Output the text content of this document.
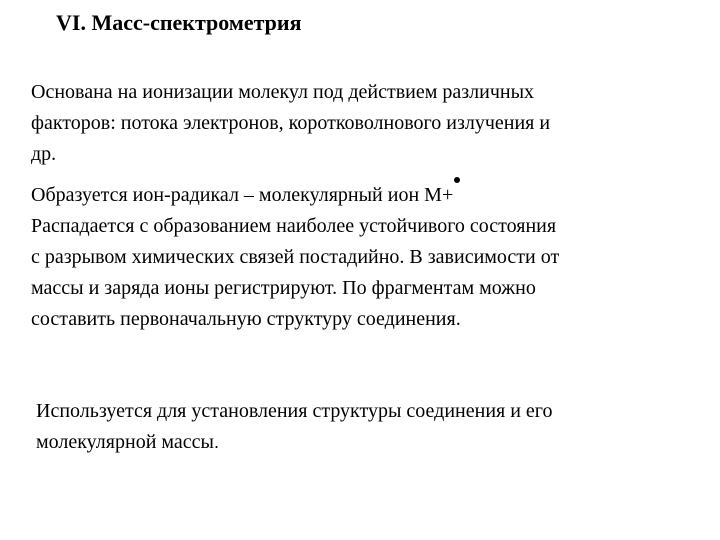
VI. Масс-спектрометрия
Основана на ионизации молекул под действием различных
факторов: потока электронов, коротковолнового излучения и
др.
Образуется ион-радикал – молекулярный ион M+
Распадается с образованием наиболее устойчивого состояния
с разрывом химических связей постадийно. В зависимости от
массы и заряда ионы регистрируют. По фрагментам можно
составить первоначальную структуру соединения.
Используется для установления структуры соединения и его
молекулярной массы.
